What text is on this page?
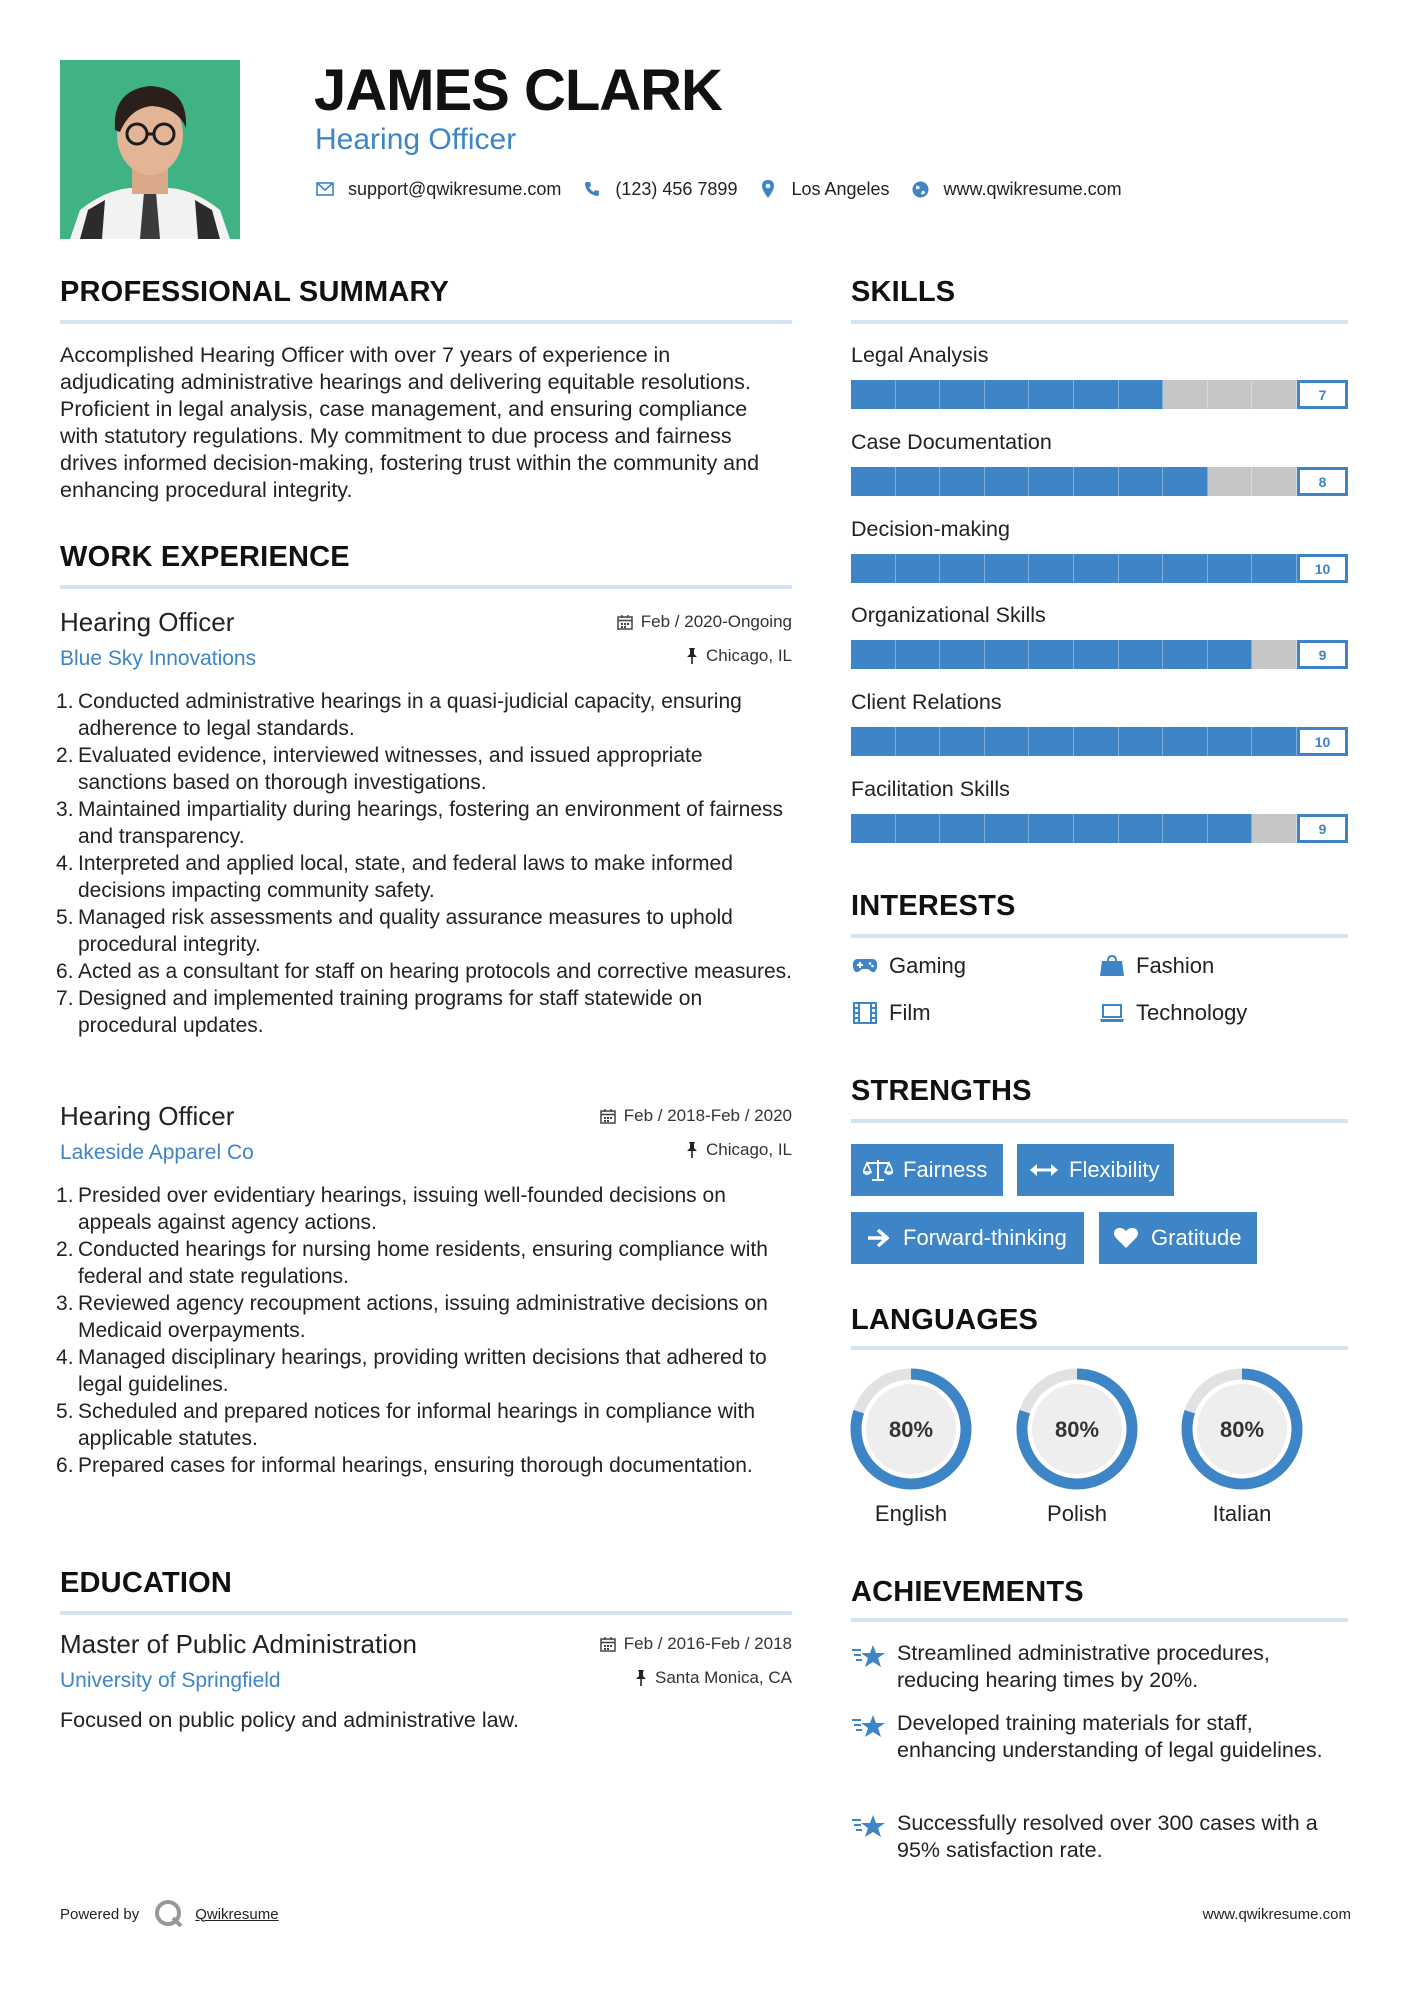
JAMES CLARK
Hearing Officer
support@qwikresume.com	(123) 456 7899	Los Angeles	www.qwikresume.com
PROFESSIONAL SUMMARY
Accomplished Hearing Officer with over 7 years of experience in adjudicating administrative hearings and delivering equitable resolutions. Proficient in legal analysis, case management, and ensuring compliance with statutory regulations. My commitment to due process and fairness drives informed decision-making, fostering trust within the community and enhancing procedural integrity.
WORK EXPERIENCE
Hearing Officer
Blue Sky Innovations
Feb / 2020-Ongoing
Chicago, IL
Conducted administrative hearings in a quasi-judicial capacity, ensuring adherence to legal standards.
Evaluated evidence, interviewed witnesses, and issued appropriate sanctions based on thorough investigations.
Maintained impartiality during hearings, fostering an environment of fairness and transparency.
Interpreted and applied local, state, and federal laws to make informed decisions impacting community safety.
Managed risk assessments and quality assurance measures to uphold procedural integrity.
Acted as a consultant for staff on hearing protocols and corrective measures.
Designed and implemented training programs for staff statewide on procedural updates.
Hearing Officer
Lakeside Apparel Co
Feb / 2018-Feb / 2020
Chicago, IL
Presided over evidentiary hearings, issuing well-founded decisions on appeals against agency actions.
Conducted hearings for nursing home residents, ensuring compliance with federal and state regulations.
Reviewed agency recoupment actions, issuing administrative decisions on Medicaid overpayments.
Managed disciplinary hearings, providing written decisions that adhered to legal guidelines.
Scheduled and prepared notices for informal hearings in compliance with applicable statutes.
Prepared cases for informal hearings, ensuring thorough documentation.
EDUCATION
Master of Public Administration
University of Springfield
Feb / 2016-Feb / 2018
Santa Monica, CA
Focused on public policy and administrative law.
SKILLS
Legal Analysis
7
Case Documentation
8
Decision-making
10
Organizational Skills
9
Client Relations
10
Facilitation Skills
9
INTERESTS
Gaming	Fashion
Film	Technology
STRENGTHS
Fairness	Flexibility
Forward-thinking	Gratitude
LANGUAGES
80%
English
80%
Polish
80%
Italian
ACHIEVEMENTS
Streamlined administrative procedures, reducing hearing times by 20%.
Developed training materials for staff, enhancing understanding of legal guidelines.
Successfully resolved over 300 cases with a 95% satisfaction rate.
Powered by	Qwikresume	www.qwikresume.com
